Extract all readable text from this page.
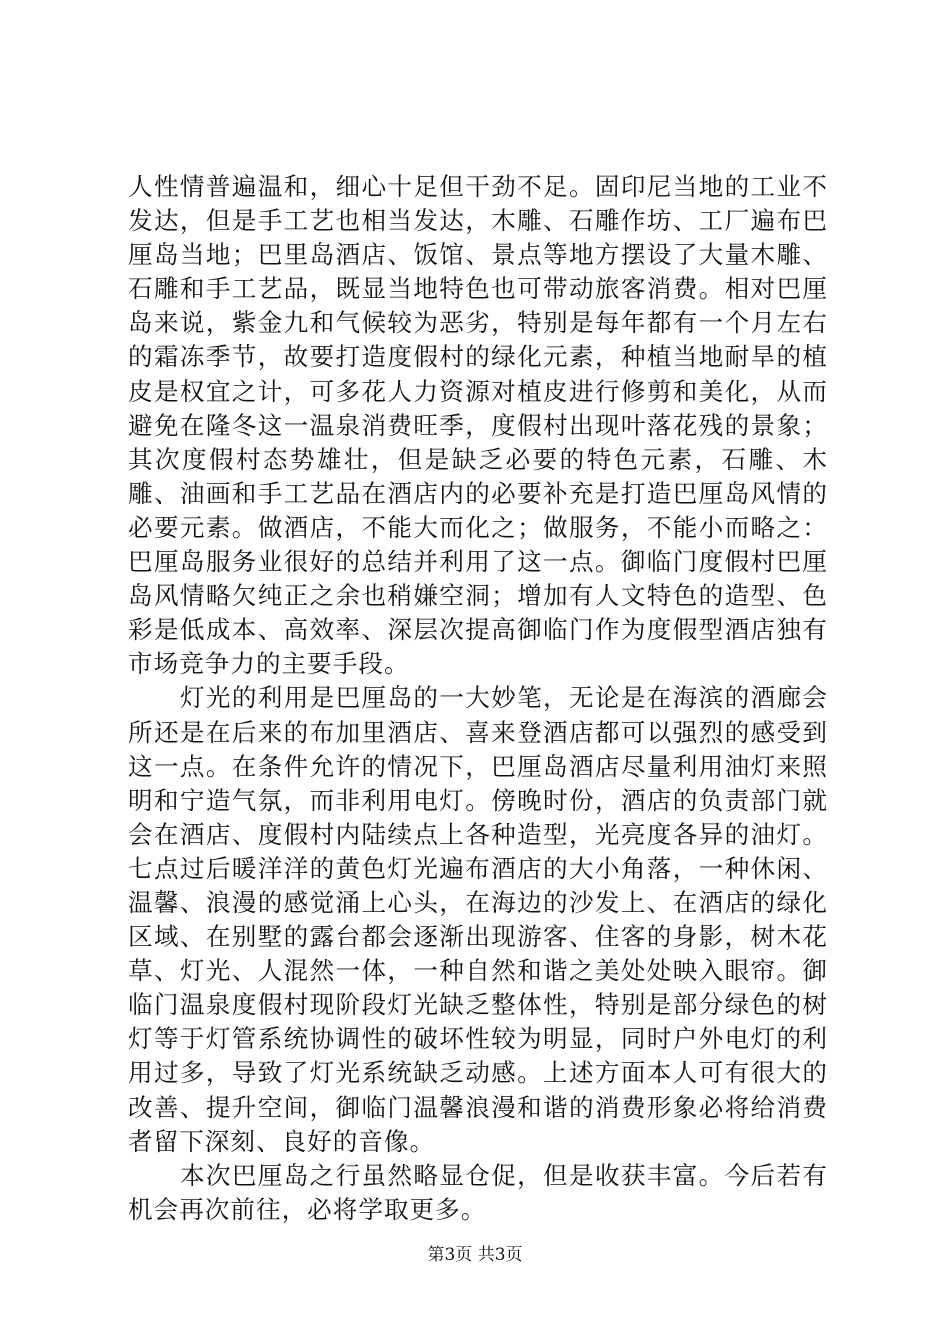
人性情普遍温和，细心十足但干劲不足。固印尼当地的工业不发达，但是手工艺也相当发达，木雕、石雕作坊、工厂遍布巴厘岛当地；巴里岛酒店、饭馆、景点等地方摆设了大量木雕、石雕和手工艺品，既显当地特色也可带动旅客消费。相对巴厘岛来说，紫金九和气候较为恶劣，特别是每年都有一个月左右的霜冻季节，故要打造度假村的绿化元素，种植当地耐旱的植皮是权宜之计，可多花人力资源对植皮进行修剪和美化，从而避免在隆冬这一温泉消费旺季，度假村出现叶落花残的景象；其次度假村态势雄壮，但是缺乏必要的特色元素，石雕、木雕、油画和手工艺品在酒店内的必要补充是打造巴厘岛风情的必要元素。做酒店，不能大而化之；做服务，不能小而略之：巴厘岛服务业很好的总结并利用了这一点。御临门度假村巴厘岛风情略欠纯正之余也稍嫌空洞；增加有人文特色的造型、色彩是低成本、高效率、深层次提高御临门作为度假型酒店独有市场竞争力的主要手段。

灯光的利用是巴厘岛的一大妙笔，无论是在海滨的酒廊会所还是在后来的布加里酒店、喜来登酒店都可以强烈的感受到这一点。在条件允许的情况下，巴厘岛酒店尽量利用油灯来照明和宁造气氛，而非利用电灯。傍晚时份，酒店的负责部门就会在酒店、度假村内陆续点上各种造型，光亮度各异的油灯。七点过后暖洋洋的黄色灯光遍布酒店的大小角落，一种休闲、温馨、浪漫的感觉涌上心头，在海边的沙发上、在酒店的绿化区域、在别墅的露台都会逐渐出现游客、住客的身影，树木花草、灯光、人混然一体，一种自然和谐之美处处映入眼帘。御临门温泉度假村现阶段灯光缺乏整体性，特别是部分绿色的树灯等于灯管系统协调性的破坏性较为明显，同时户外电灯的利用过多，导致了灯光系统缺乏动感。上述方面本人可有很大的改善、提升空间，御临门温馨浪漫和谐的消费形象必将给消费者留下深刻、良好的音像。

本次巴厘岛之行虽然略显仓促，但是收获丰富。今后若有机会再次前往，必将学取更多。

第3页 共3页
